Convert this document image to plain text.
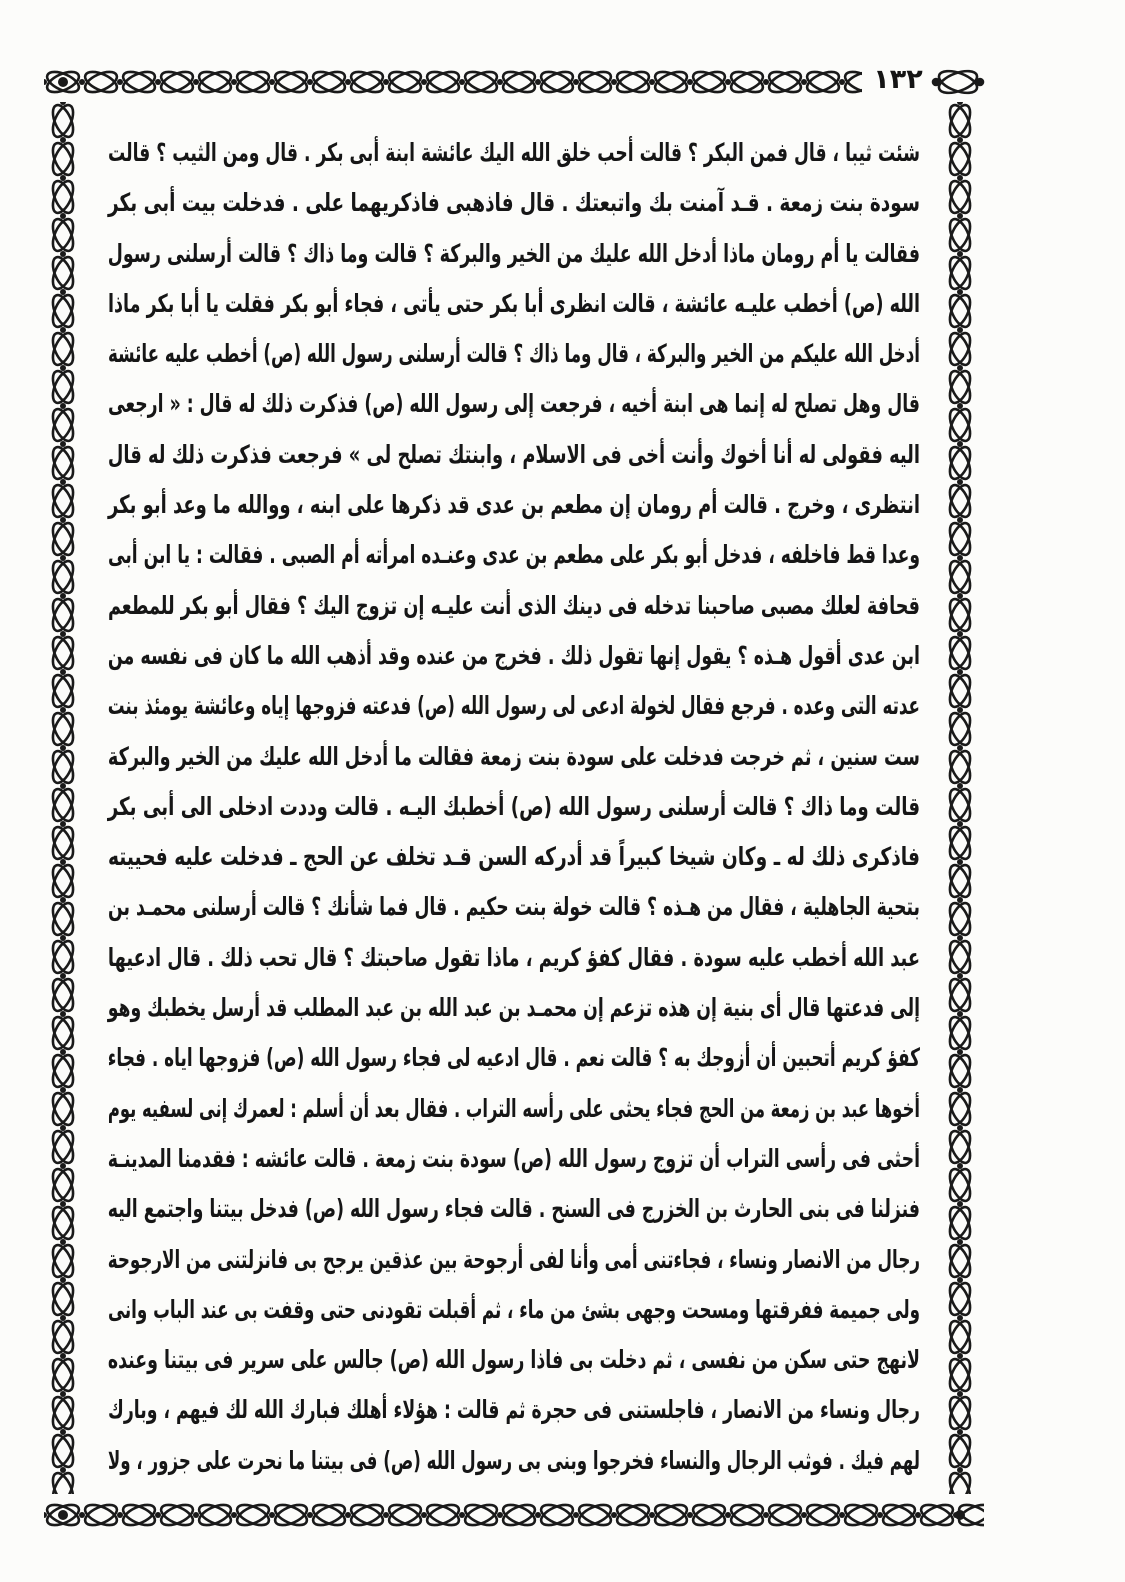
١٣٢
شئت ثيبا ، قال فمن البكر ؟ قالت أحب خلق الله اليك عائشة ابنة أبى بكر . قال ومن الثيب ؟ قالت
سودة بنت زمعة . قـد آمنت بك واتبعتك . قال فاذهبى فاذكريهما على . فدخلت بيت أبى بكر
فقالت يا أم رومان ماذا أدخل الله عليك من الخير والبركة ؟ قالت وما ذاك ؟ قالت أرسلنى رسول
الله (ص) أخطب عليـه عائشة ، قالت انظرى أبا بكر حتى يأتى ، فجاء أبو بكر فقلت يا أبا بكر ماذا
أدخل الله عليكم من الخير والبركة ، قال وما ذاك ؟ قالت أرسلنى رسول الله (ص) أخطب عليه عائشة
قال وهل تصلح له إنما هى ابنة أخيه ، فرجعت إلى رسول الله (ص) فذكرت ذلك له قال : « ارجعى
اليه فقولى له أنا أخوك وأنت أخى فى الاسلام ، وابنتك تصلح لى » فرجعت فذكرت ذلك له قال
انتظرى ، وخرج . قالت أم رومان إن مطعم بن عدى قد ذكرها على ابنه ، ووالله ما وعد أبو بكر
وعدا قط فاخلفه ، فدخل أبو بكر على مطعم بن عدى وعنـده امرأته أم الصبى . فقالت : يا ابن أبى
قحافة لعلك مصبى صاحبنا تدخله فى دينك الذى أنت عليـه إن تزوج اليك ؟ فقال أبو بكر للمطعم
ابن عدى أقول هـذه ؟ يقول إنها تقول ذلك . فخرج من عنده وقد أذهب الله ما كان فى نفسه من
عدته التى وعده . فرجع فقال لخولة ادعى لى رسول الله (ص) فدعته فزوجها إياه وعائشة يومئذ بنت
ست سنين ، ثم خرجت فدخلت على سودة بنت زمعة فقالت ما أدخل الله عليك من الخير والبركة
قالت وما ذاك ؟ قالت أرسلنى رسول الله (ص) أخطبك اليـه . قالت وددت ادخلى الى أبى بكر
فاذكرى ذلك له ـ وكان شيخا كبيراً قد أدركه السن قـد تخلف عن الحج ـ فدخلت عليه فحييته
بتحية الجاهلية ، فقال من هـذه ؟ قالت خولة بنت حكيم . قال فما شأنك ؟ قالت أرسلنى محمـد بن
عبد الله أخطب عليه سودة . فقال كفؤ كريم ، ماذا تقول صاحبتك ؟ قال تحب ذلك . قال ادعيها
إلى فدعتها قال أى بنية إن هذه تزعم إن محمـد بن عبد الله بن عبد المطلب قد أرسل يخطبك وهو
كفؤ كريم أتحبين أن أزوجك به ؟ قالت نعم . قال ادعيه لى فجاء رسول الله (ص) فزوجها اياه . فجاء
أخوها عبد بن زمعة من الحج فجاء يحثى على رأسه التراب . فقال بعد أن أسلم : لعمرك إنى لسفيه يوم
أحثى فى رأسى التراب أن تزوج رسول الله (ص) سودة بنت زمعة . قالت عائشه : فقدمنا المدينـة
فنزلنا فى بنى الحارث بن الخزرج فى السنح . قالت فجاء رسول الله (ص) فدخل بيتنا واجتمع اليه
رجال من الانصار ونساء ، فجاءتنى أمى وأنا لفى أرجوحة بين عذقين يرجح بى فانزلتنى من الارجوحة
ولى جميمة ففرقتها ومسحت وجهى بشئ من ماء ، ثم أقبلت تقودنى حتى وقفت بى عند الباب وانى
لانهج حتى سكن من نفسى ، ثم دخلت بى فاذا رسول الله (ص) جالس على سرير فى بيتنا وعنده
رجال ونساء من الانصار ، فاجلستنى فى حجرة ثم قالت : هؤلاء أهلك فبارك الله لك فيهم ، وبارك
لهم فيك . فوثب الرجال والنساء فخرجوا وبنى بى رسول الله (ص) فى بيتنا ما نحرت على جزور ، ولا
